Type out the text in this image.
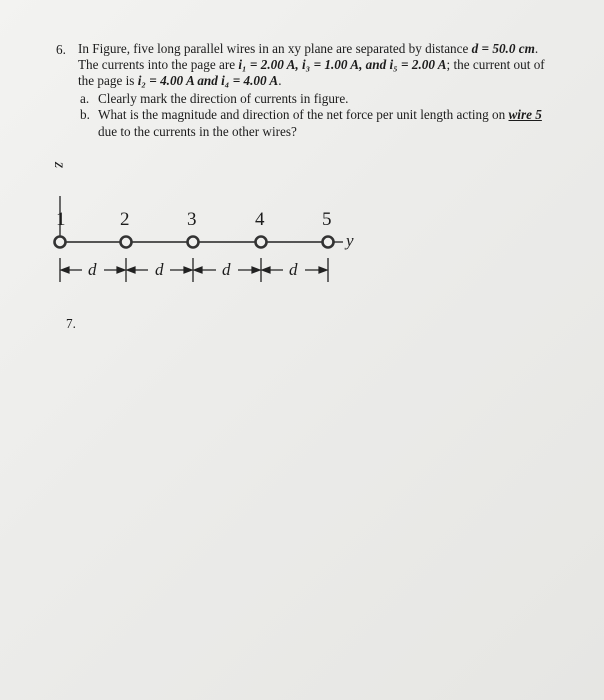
6. In Figure, five long parallel wires in an xy plane are separated by distance d = 50.0 cm.
The currents into the page are i₁ = 2.00 A, i₃ = 1.00 A, and i₅ = 2.00 A; the current out of
the page is i₂ = 4.00 A and i₄ = 4.00 A.
a. Clearly mark the direction of currents in figure.
b. What is the magnitude and direction of the net force per unit length acting on wire 5
due to the currents in the other wires?
z
1	2	3	4	5
y
d	d	d	d
7.
